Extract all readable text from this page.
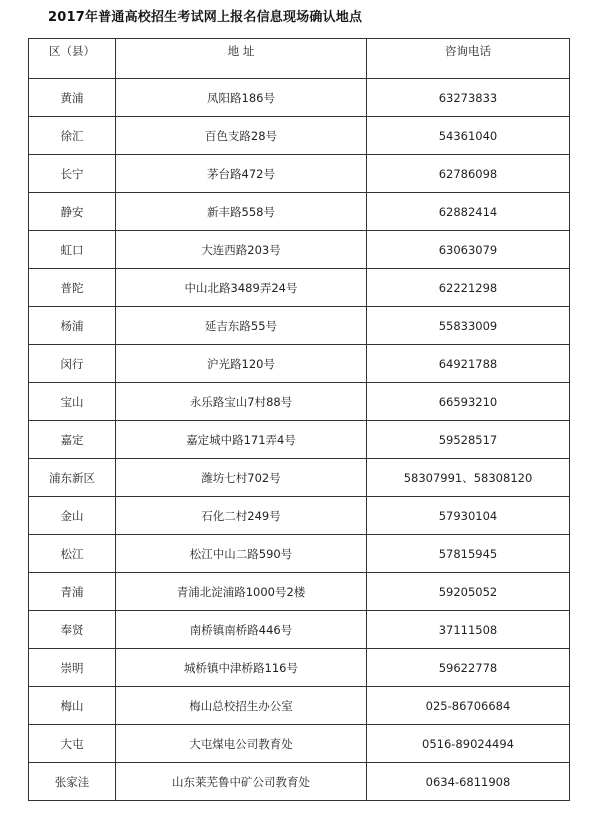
2017年普通高校招生考试网上报名信息现场确认地点
区（县）	地 址	咨询电话
黄浦	凤阳路186号	63273833
徐汇	百色支路28号	54361040
长宁	茅台路472号	62786098
静安	新丰路558号	62882414
虹口	大连西路203号	63063079
普陀	中山北路3489弄24号	62221298
杨浦	延吉东路55号	55833009
闵行	沪光路120号	64921788
宝山	永乐路宝山7村88号	66593210
嘉定	嘉定城中路171弄4号	59528517
浦东新区	潍坊七村702号	58307991、58308120
金山	石化二村249号	57930104
松江	松江中山二路590号	57815945
青浦	青浦北淀浦路1000号2楼	59205052
奉贤	南桥镇南桥路446号	37111508
崇明	城桥镇中津桥路116号	59622778
梅山	梅山总校招生办公室	025-86706684
大屯	大屯煤电公司教育处	0516-89024494
张家洼	山东莱芜鲁中矿公司教育处	0634-6811908
